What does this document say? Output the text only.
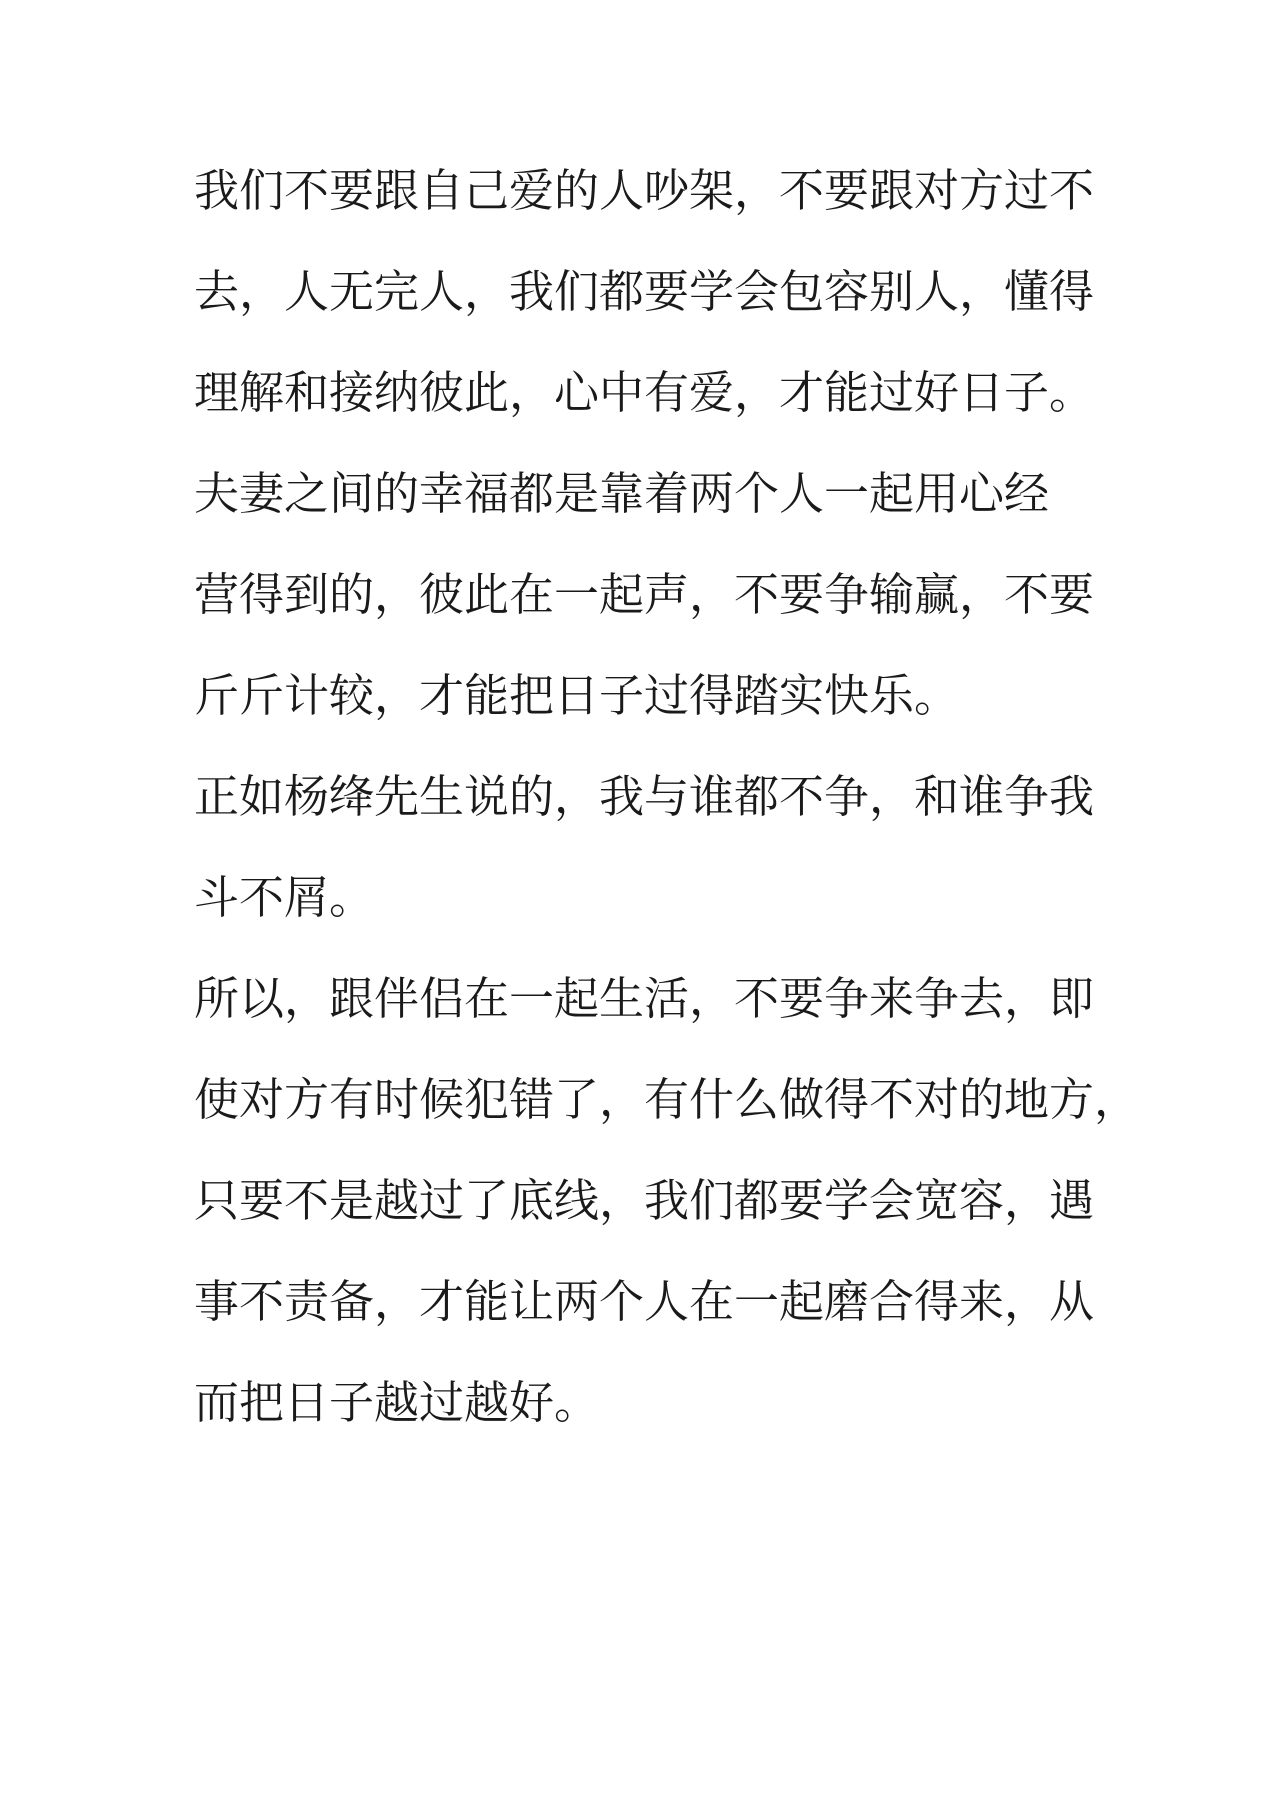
我们不要跟自己爱的人吵架，不要跟对方过不
去，人无完人，我们都要学会包容别人，懂得
理解和接纳彼此，心中有爱，才能过好日子。

夫妻之间的幸福都是靠着两个人一起用心经
营得到的，彼此在一起声，不要争输赢，不要
斤斤计较，才能把日子过得踏实快乐。

正如杨绛先生说的，我与谁都不争，和谁争我
斗不屑。

所以，跟伴侣在一起生活，不要争来争去，即
使对方有时候犯错了，有什么做得不对的地方，
只要不是越过了底线，我们都要学会宽容，遇
事不责备，才能让两个人在一起磨合得来，从
而把日子越过越好。
